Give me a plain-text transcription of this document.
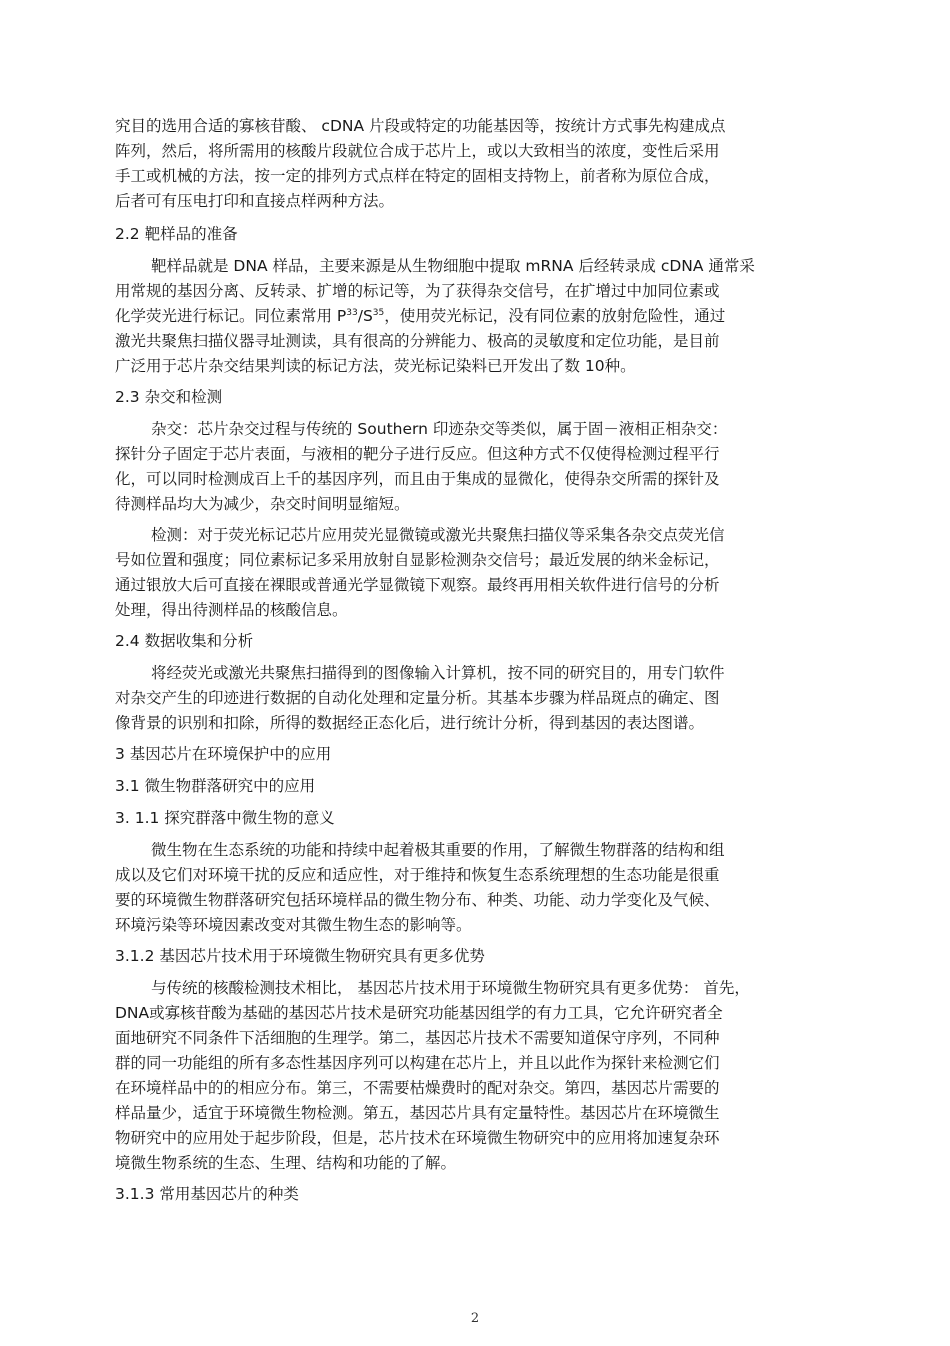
究目的选用合适的寡核苷酸、 cDNA 片段或特定的功能基因等，按统计方式事先构建成点
阵列，然后，将所需用的核酸片段就位合成于芯片上，或以大致相当的浓度，变性后采用
手工或机械的方法，按一定的排列方式点样在特定的固相支持物上，前者称为原位合成，
后者可有压电打印和直接点样两种方法。
2.2 靶样品的准备
靶样品就是 DNA 样品，主要来源是从生物细胞中提取 mRNA 后经转录成 cDNA 通常采
用常规的基因分离、反转录、扩增的标记等，为了获得杂交信号，在扩增过中加同位素或
化学荧光进行标记。同位素常用 $P^{33}/S^{35}$，使用荧光标记，没有同位素的放射危险性，通过
激光共聚焦扫描仪器寻址测读，具有很高的分辨能力、极高的灵敏度和定位功能，是目前
广泛用于芯片杂交结果判读的标记方法，荧光标记染料已开发出了数 10种。
2.3 杂交和检测
杂交：芯片杂交过程与传统的 Southern 印迹杂交等类似，属于固－液相正相杂交：
探针分子固定于芯片表面，与液相的靶分子进行反应。但这种方式不仅使得检测过程平行
化，可以同时检测成百上千的基因序列，而且由于集成的显微化，使得杂交所需的探针及
待测样品均大为减少，杂交时间明显缩短。
检测：对于荧光标记芯片应用荧光显微镜或激光共聚焦扫描仪等采集各杂交点荧光信
号如位置和强度；同位素标记多采用放射自显影检测杂交信号；最近发展的纳米金标记，
通过银放大后可直接在裸眼或普通光学显微镜下观察。最终再用相关软件进行信号的分析
处理，得出待测样品的核酸信息。
2.4 数据收集和分析
将经荧光或激光共聚焦扫描得到的图像输入计算机，按不同的研究目的，用专门软件
对杂交产生的印迹进行数据的自动化处理和定量分析。其基本步骤为样品斑点的确定、图
像背景的识别和扣除，所得的数据经正态化后，进行统计分析，得到基因的表达图谱。
3 基因芯片在环境保护中的应用
3.1 微生物群落研究中的应用
3. 1.1 探究群落中微生物的意义
微生物在生态系统的功能和持续中起着极其重要的作用，了解微生物群落的结构和组
成以及它们对环境干扰的反应和适应性，对于维持和恢复生态系统理想的生态功能是很重
要的环境微生物群落研究包括环境样品的微生物分布、种类、功能、动力学变化及气候、
环境污染等环境因素改变对其微生物生态的影响等。
3.1.2 基因芯片技术用于环境微生物研究具有更多优势
与传统的核酸检测技术相比， 基因芯片技术用于环境微生物研究具有更多优势： 首先，
DNA或寡核苷酸为基础的基因芯片技术是研究功能基因组学的有力工具，它允许研究者全
面地研究不同条件下活细胞的生理学。第二，基因芯片技术不需要知道保守序列，不同种
群的同一功能组的所有多态性基因序列可以构建在芯片上，并且以此作为探针来检测它们
在环境样品中的的相应分布。第三，不需要枯燥费时的配对杂交。第四，基因芯片需要的
样品量少，适宜于环境微生物检测。第五，基因芯片具有定量特性。基因芯片在环境微生
物研究中的应用处于起步阶段，但是，芯片技术在环境微生物研究中的应用将加速复杂环
境微生物系统的生态、生理、结构和功能的了解。
3.1.3 常用基因芯片的种类
2
